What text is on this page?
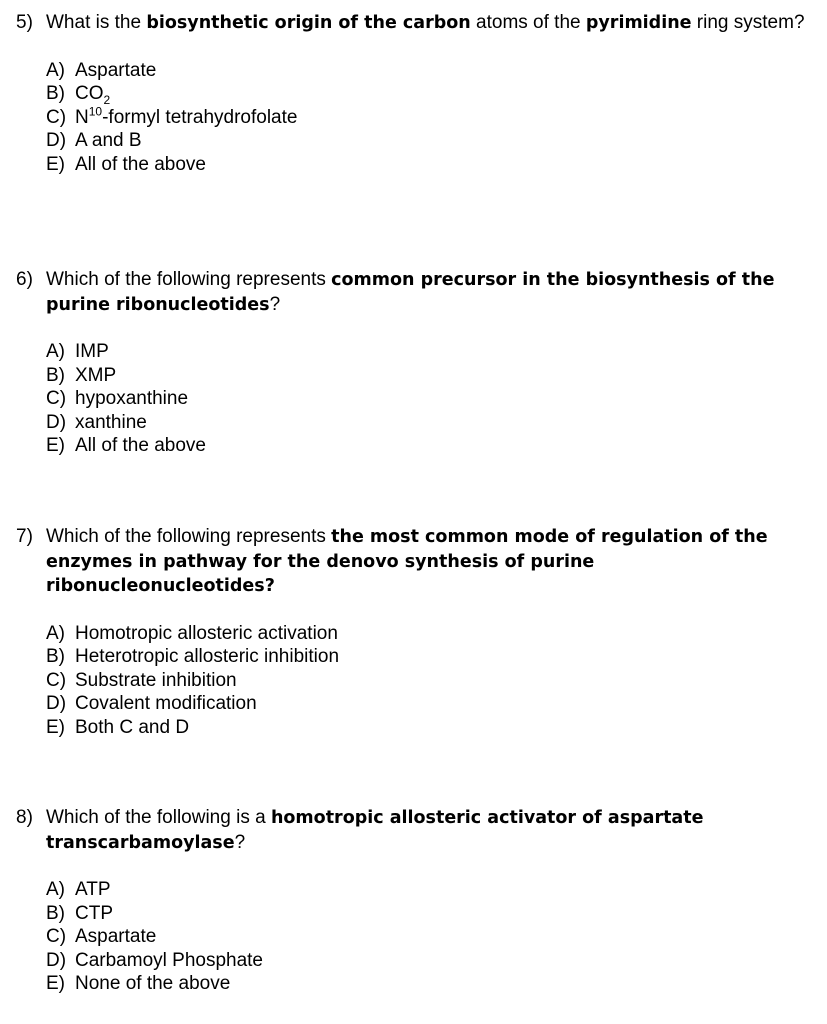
5) What is the biosynthetic origin of the carbon atoms of the pyrimidine ring system?
A) Aspartate
B) $CO_2$
C) $N^{10}$-formyl tetrahydrofolate
D) A and B
E) All of the above
6) Which of the following represents common precursor in the biosynthesis of the purine ribonucleotides?
A) IMP
B) XMP
C) hypoxanthine
D) xanthine
E) All of the above
7) Which of the following represents the most common mode of regulation of the enzymes in pathway for the denovo synthesis of purine ribonucleonucleotides?
A) Homotropic allosteric activation
B) Heterotropic allosteric inhibition
C) Substrate inhibition
D) Covalent modification
E) Both C and D
8) Which of the following is a homotropic allosteric activator of aspartate transcarbamoylase?
A) ATP
B) CTP
C) Aspartate
D) Carbamoyl Phosphate
E) None of the above
